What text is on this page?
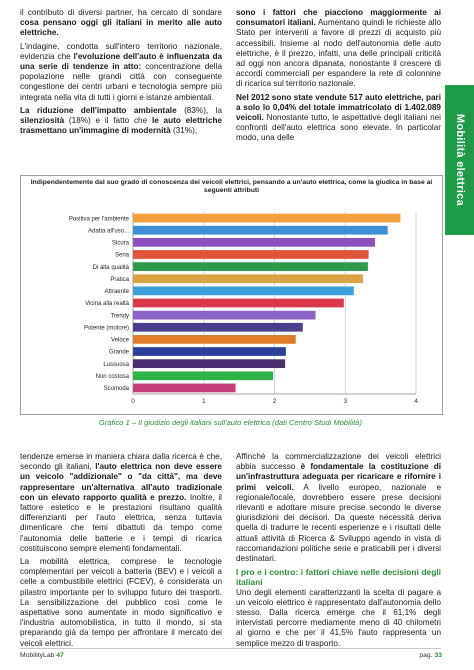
Mobilità elettrica

il contributo di diversi partner, ha cercato di sondare cosa pensano oggi gli italiani in merito alle auto elettriche.

L'indagine, condotta sull'intero territorio nazionale, evidenzia che l'evoluzione dell'auto è influenzata da una serie di tendenze in atto: concentrazione della popolazione nelle grandi città con conseguente congestione dei centri urbani e tecnologia sempre più integrata nella vita di tutti i giorni e istanze ambientali.

La riduzione dell'impatto ambientale (83%), la silenziosità (18%) e il fatto che le auto elettriche trasmettano un'immagine di modernità (31%),

sono i fattori che piacciono maggiormente ai consumatori italiani. Aumentano quindi le richieste allo Stato per interventi a favore di prezzi di acquisto più accessibili. Insieme al nodo dell'autonomia delle auto elettriche, è il prezzo, infatti, una delle principali criticità ad oggi non ancora dipanata, nonostante il crescere di accordi commerciali per espandere la rete di colonnine di ricarica sul territorio nazionale.

Nel 2012 sono state vendute 517 auto elettriche, pari a solo lo 0,04% del totale immatricolato di 1.402.089 veicoli. Nonostante tutto, le aspettative degli italiani nei confronti dell'auto elettrica sono elevate. In particolar modo, una delle

Indipendentemente dal suo grado di conoscenza dei veicoli elettrici, pensando a un'auto elettrica, come la giudica in base ai seguenti attributi
0	1	2	3	4
Positiva per l'ambiente
Adatta all'uso...
Sicura
Seria
Di alta qualità
Pratica
Attraente
Vicina alla realtà
Trendy
Potente (motore)
Veloce
Grande
Lussuosa
Non costosa
Scomoda
Grafico 1 – Il giudizio degli italiani sull'auto elettrica (dati Centro Studi Mobilità)

tendenze emerse in maniera chiara dalla ricerca è che, secondo gli italiani, l'auto elettrica non deve essere un veicolo "addizionale" o "da città", ma deve rappresentare un'alternativa all'auto tradizionale con un elevato rapporto qualità e prezzo. Inoltre, il fattore estetico e le prestazioni risultano qualità differenzianti per l'auto elettrica, senza tuttavia dimenticare che temi dibattuti da tempo come l'autonomia delle batterie e i tempi di ricarica costituiscono sempre elementi fondamentali.

La mobilità elettrica, comprese le tecnologie complementari per veicoli a batteria (BEV) e i veicoli a celle a combustibile elettrici (FCEV), è considerata un pilastro importante per lo sviluppo futuro dei trasporti. La sensibilizzazione del pubblico così come le aspettative sono aumentate in modo significativo e l'industria automobilistica, in tutto il mondo, si sta preparando già da tempo per affrontare il mercato dei veicoli elettrici.

Affinché la commercializzazione dei veicoli elettrici abbia successo è fondamentale la costituzione di un'infrastruttura adeguata per ricaricare e rifornire i primi veicoli. A livello europeo, nazionale e regionale/locale, dovrebbero essere prese decisioni rilevanti e adottare misure precise secondo le diverse giurisdizioni dei decisori. Da queste necessità deriva quella di tradurre le recenti esperienze e i risultati delle attuali attività di Ricerca & Sviluppo agendo in vista di raccomandazioni politiche serie e praticabili per i diversi destinatari.

I pro e i contro: i fattori chiave nelle decisioni degli italiani

Uno degli elementi caratterizzanti la scelta di pagare a un veicolo elettrico è rappresentato dall'autonomia dello stesso. Dalla ricerca emerge che il 61,1% degli intervistati percorre mediamente meno di 40 chilometri al giorno e che per il 41,5% l'auto rappresenta un semplice mezzo di trasporto.

MobilityLab 47	pag. 33
